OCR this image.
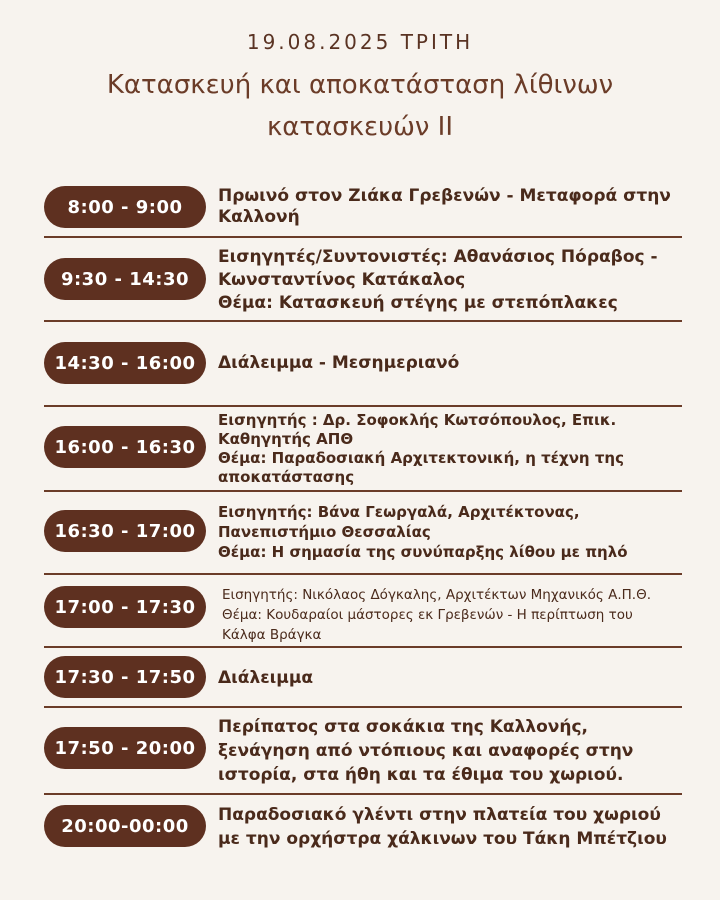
19.08.2025 ΤΡΙΤΗ
Κατασκευή και αποκατάσταση λίθινων
κατασκευών ΙΙ
8:00 - 9:00
Πρωινό στον Ζιάκα Γρεβενών - Μεταφορά στην
Καλλονή
9:30 - 14:30
Εισηγητές/Συντονιστές: Αθανάσιος Πόραβος -
Κωνσταντίνος Κατάκαλος
Θέμα: Κατασκευή στέγης με στεπόπλακες
14:30 - 16:00	Διάλειμμα - Μεσημεριανό
16:00 - 16:30
Εισηγητής : Δρ. Σοφοκλής Κωτσόπουλος, Επικ.
Καθηγητής ΑΠΘ
Θέμα: Παραδοσιακή Αρχιτεκτονική, η τέχνη της
αποκατάστασης
16:30 - 17:00
Εισηγητής: Βάνα Γεωργαλά, Αρχιτέκτονας,
Πανεπιστήμιο Θεσσαλίας
Θέμα: Η σημασία της συνύπαρξης λίθου με πηλό
17:00 - 17:30
Εισηγητής: Νικόλαος Δόγκαλης, Αρχιτέκτων Μηχανικός Α.Π.Θ.
Θέμα: Κουδαραίοι μάστορες εκ Γρεβενών - Η περίπτωση του
Κάλφα Βράγκα
17:30 - 17:50	Διάλειμμα
17:50 - 20:00
Περίπατος στα σοκάκια της Καλλονής,
ξενάγηση από ντόπιους και αναφορές στην
ιστορία, στα ήθη και τα έθιμα του χωριού.
20:00-00:00
Παραδοσιακό γλέντι στην πλατεία του χωριού
με την ορχήστρα χάλκινων του Τάκη Μπέτζιου
